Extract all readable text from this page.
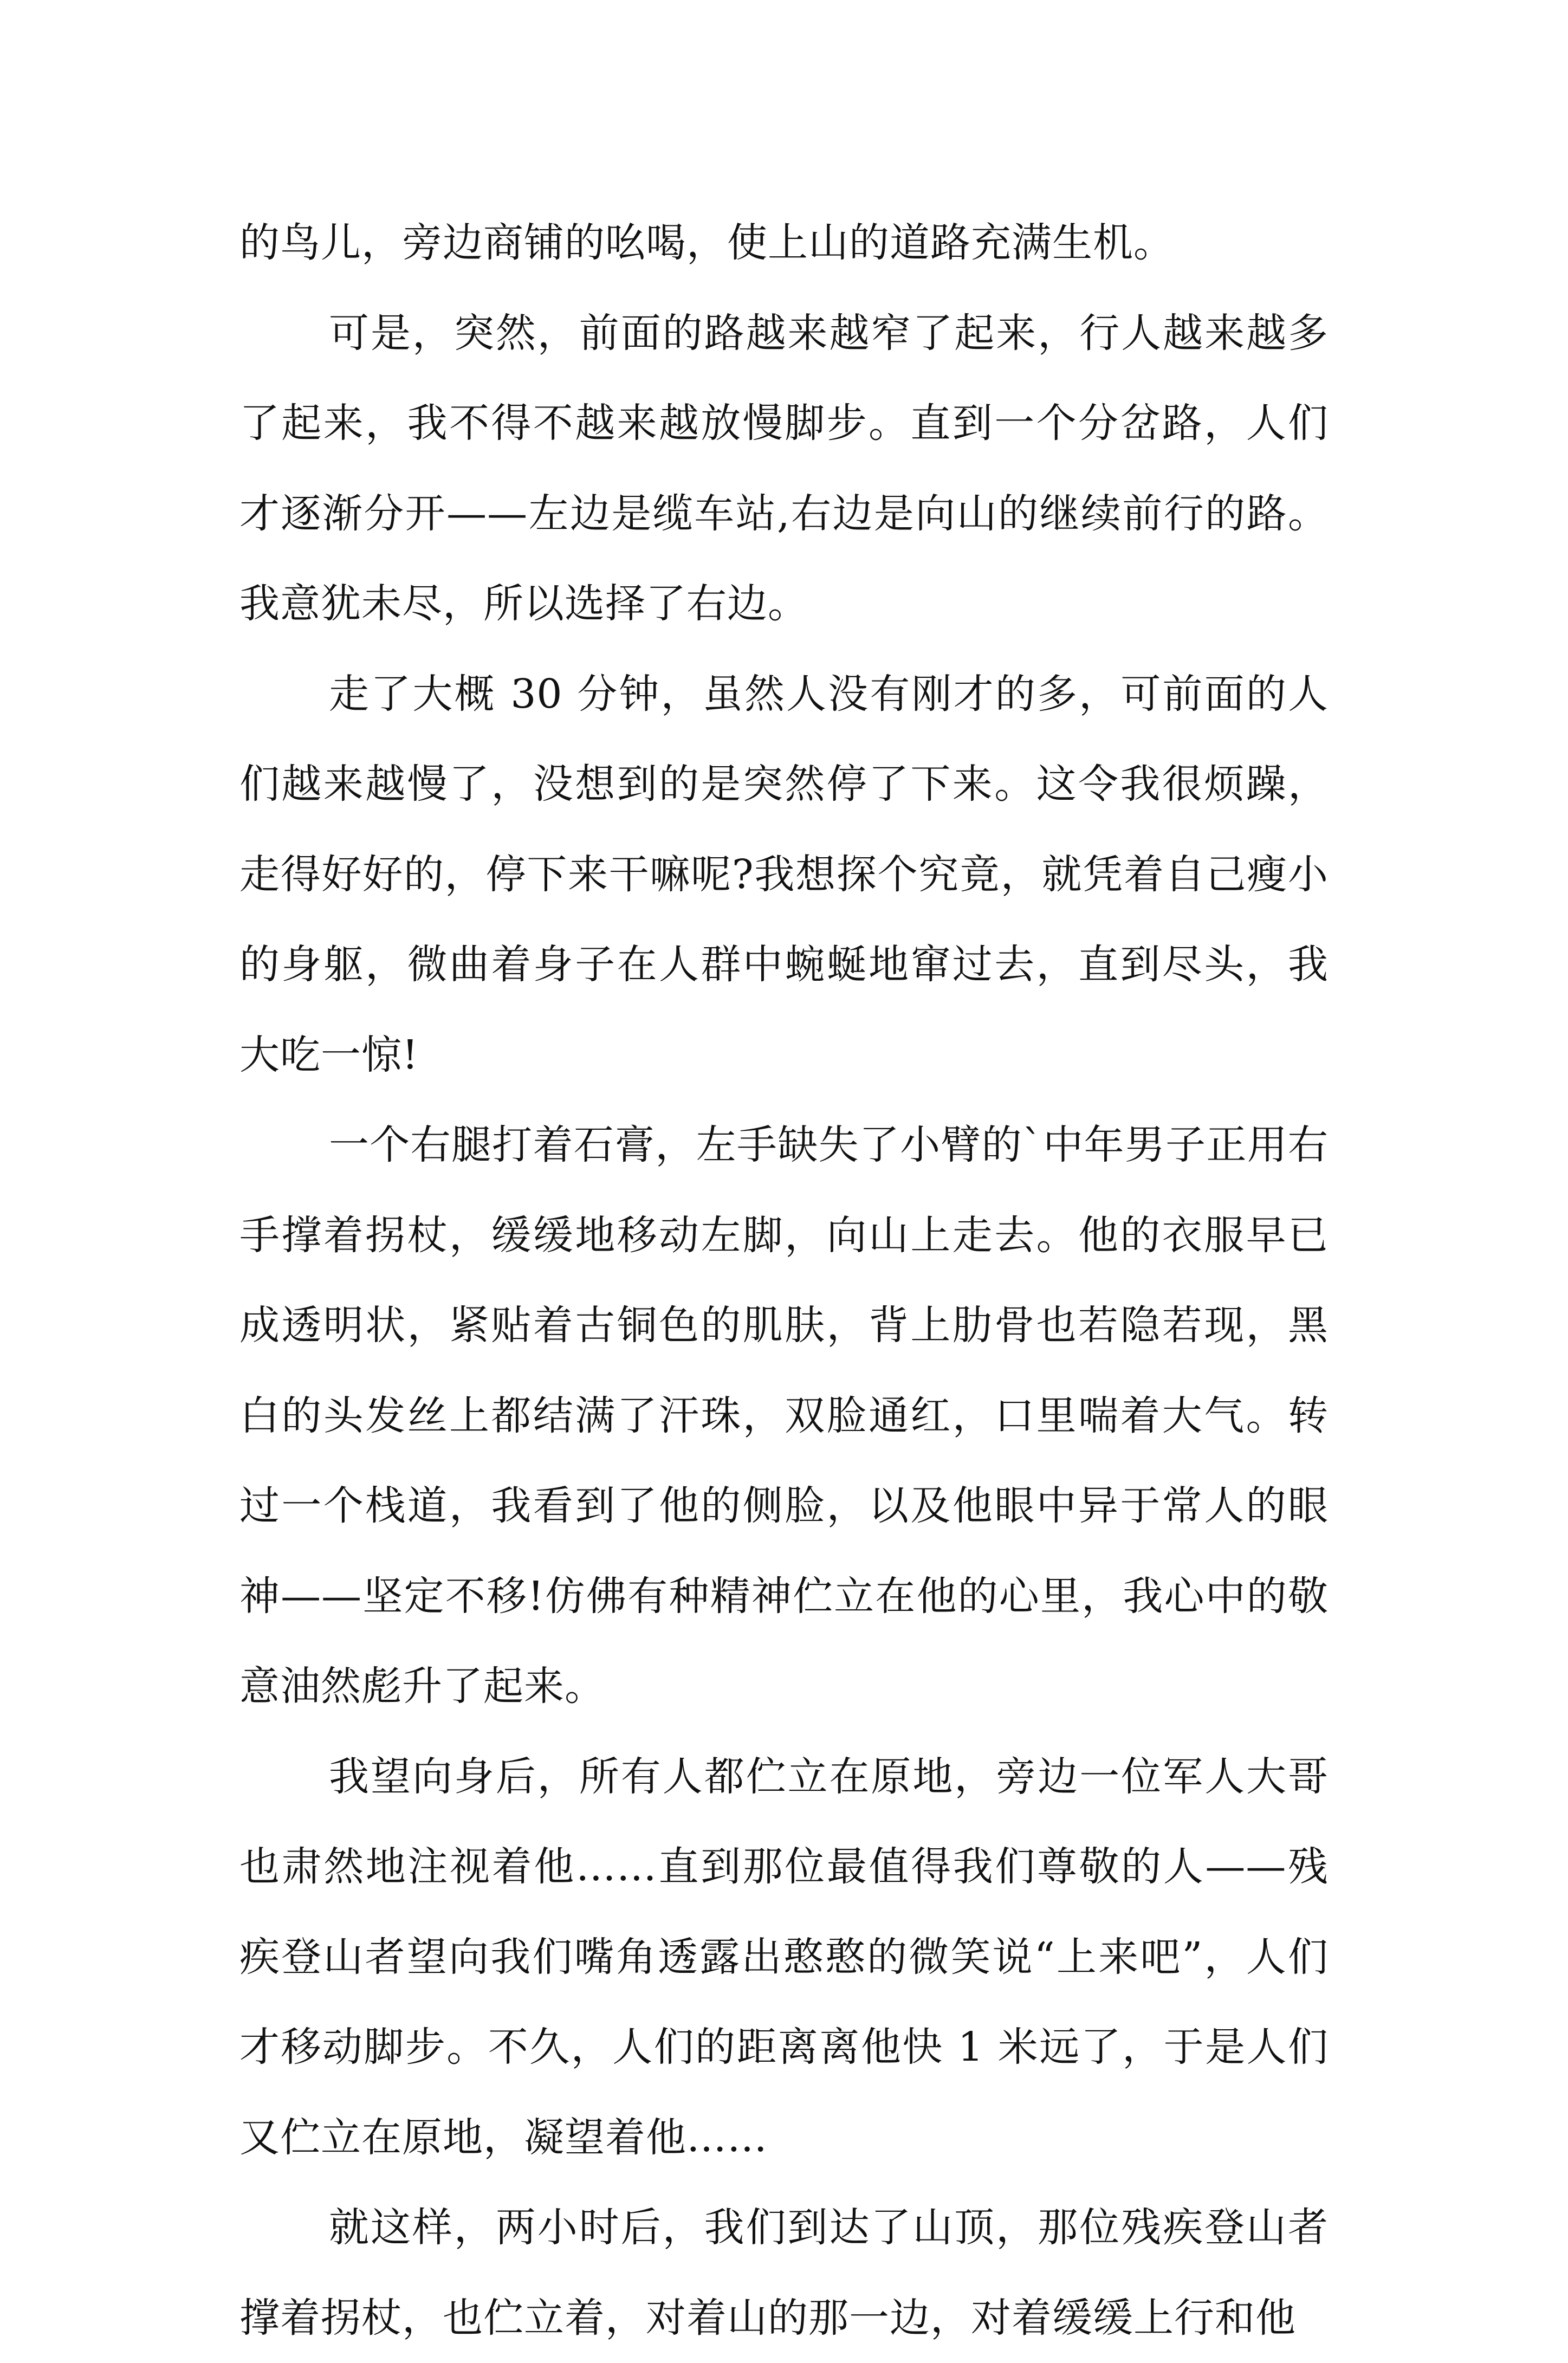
的鸟儿，旁边商铺的吆喝，使上山的道路充满生机。

可是，突然，前面的路越来越窄了起来，行人越来越多了起来，我不得不越来越放慢脚步。直到一个分岔路，人们才逐渐分开——左边是缆车站,右边是向山的继续前行的路。我意犹未尽，所以选择了右边。

走了大概 30 分钟，虽然人没有刚才的多，可前面的人们越来越慢了，没想到的是突然停了下来。这令我很烦躁，走得好好的，停下来干嘛呢?我想探个究竟，就凭着自己瘦小的身躯，微曲着身子在人群中蜿蜒地窜过去，直到尽头，我大吃一惊!

一个右腿打着石膏，左手缺失了小臂的`中年男子正用右手撑着拐杖，缓缓地移动左脚，向山上走去。他的衣服早已成透明状，紧贴着古铜色的肌肤，背上肋骨也若隐若现，黑白的头发丝上都结满了汗珠，双脸通红，口里喘着大气。转过一个栈道，我看到了他的侧脸，以及他眼中异于常人的眼神——坚定不移!仿佛有种精神伫立在他的心里，我心中的敬意油然彪升了起来。

我望向身后，所有人都伫立在原地，旁边一位军人大哥也肃然地注视着他……直到那位最值得我们尊敬的人——残疾登山者望向我们嘴角透露出憨憨的微笑说“上来吧”，人们才移动脚步。不久，人们的距离离他快 1 米远了，于是人们又伫立在原地，凝望着他……

就这样，两小时后，我们到达了山顶，那位残疾登山者撑着拐杖，也伫立着，对着山的那一边，对着缓缓上行和他
